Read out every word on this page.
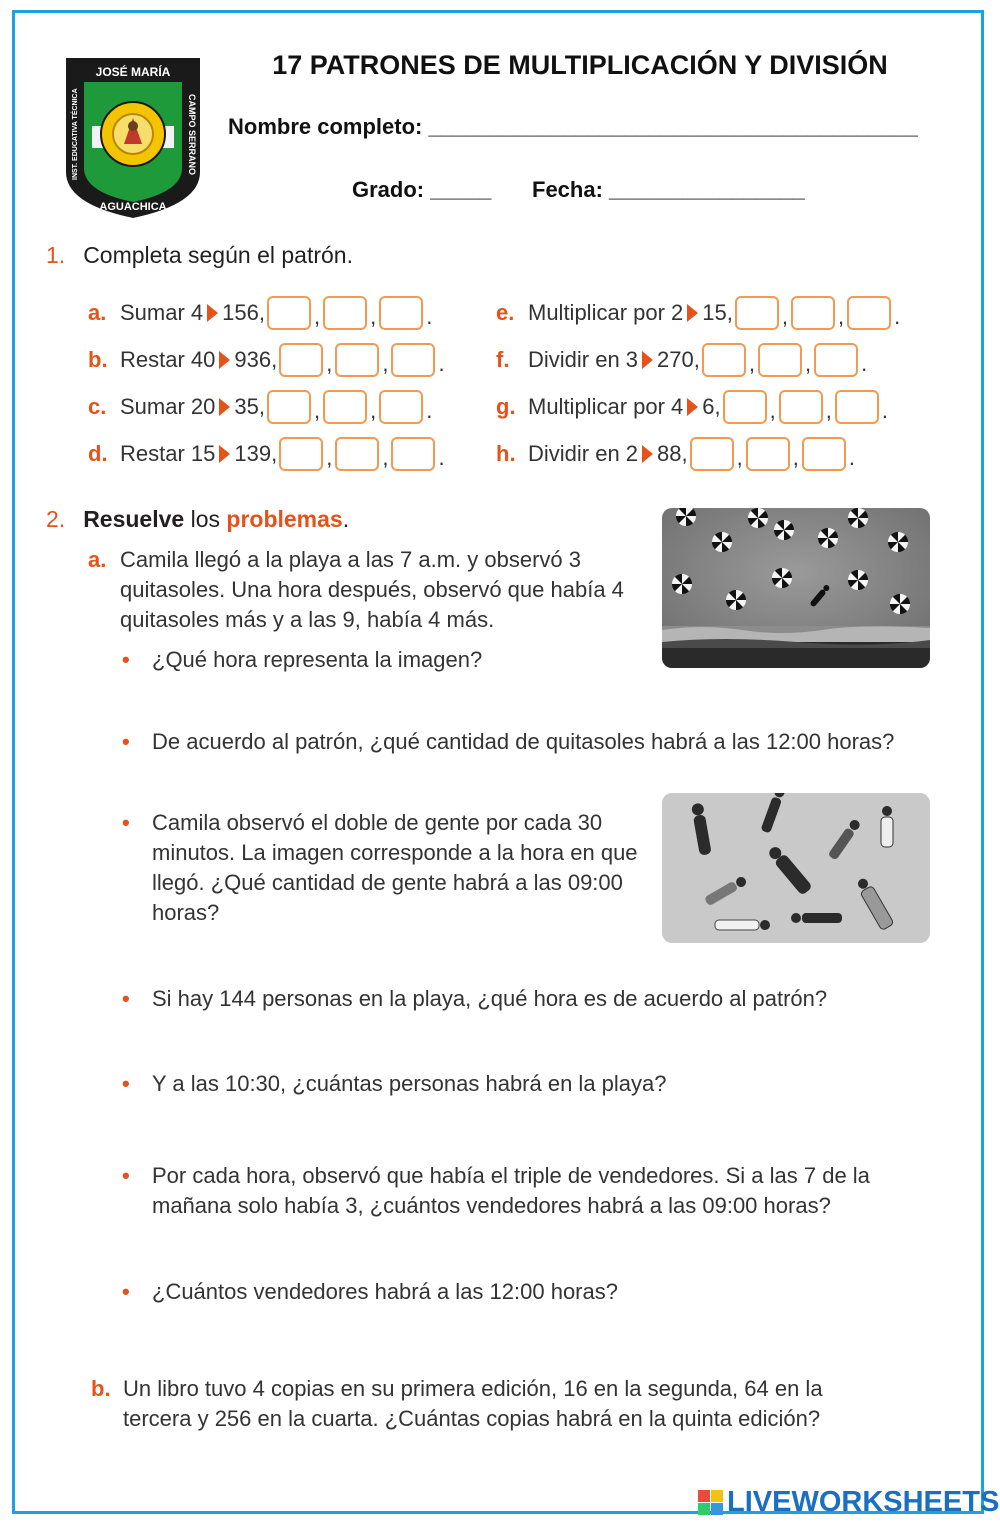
JOSÉ MARÍA
AGUACHICA
INST. EDUCATIVA TÉCNICA	CAMPO SERRANO
17 PATRONES DE MULTIPLICACIÓN Y DIVISIÓN
Nombre completo: ________________________________________
Grado: _____ Fecha: ________________
1. Completa según el patrón.
a. Sumar 4 156, , , .
b. Restar 40 936, , , .
c. Sumar 20 35, , , .
d. Restar 15 139, , , .
e. Multiplicar por 2 15, , , .
f. Dividir en 3 270, , , .
g. Multiplicar por 4 6, , , .
h. Dividir en 2 88, , , .
2. Resuelve los problemas.
a. Camila llegó a la playa a las 7 a.m. y observó 3 quitasoles. Una hora después, observó que había 4 quitasoles más y a las 9, había 4 más.
• ¿Qué hora representa la imagen?
• De acuerdo al patrón, ¿qué cantidad de quitasoles habrá a las 12:00 horas?
• Camila observó el doble de gente por cada 30 minutos. La imagen corresponde a la hora en que llegó. ¿Qué cantidad de gente habrá a las 09:00 horas?
• Si hay 144 personas en la playa, ¿qué hora es de acuerdo al patrón?
• Y a las 10:30, ¿cuántas personas habrá en la playa?
• Por cada hora, observó que había el triple de vendedores. Si a las 7 de la mañana solo había 3, ¿cuántos vendedores habrá a las 09:00 horas?
• ¿Cuántos vendedores habrá a las 12:00 horas?
b. Un libro tuvo 4 copias en su primera edición, 16 en la segunda, 64 en la tercera y 256 en la cuarta. ¿Cuántas copias habrá en la quinta edición?
LIVEWORKSHEETS
